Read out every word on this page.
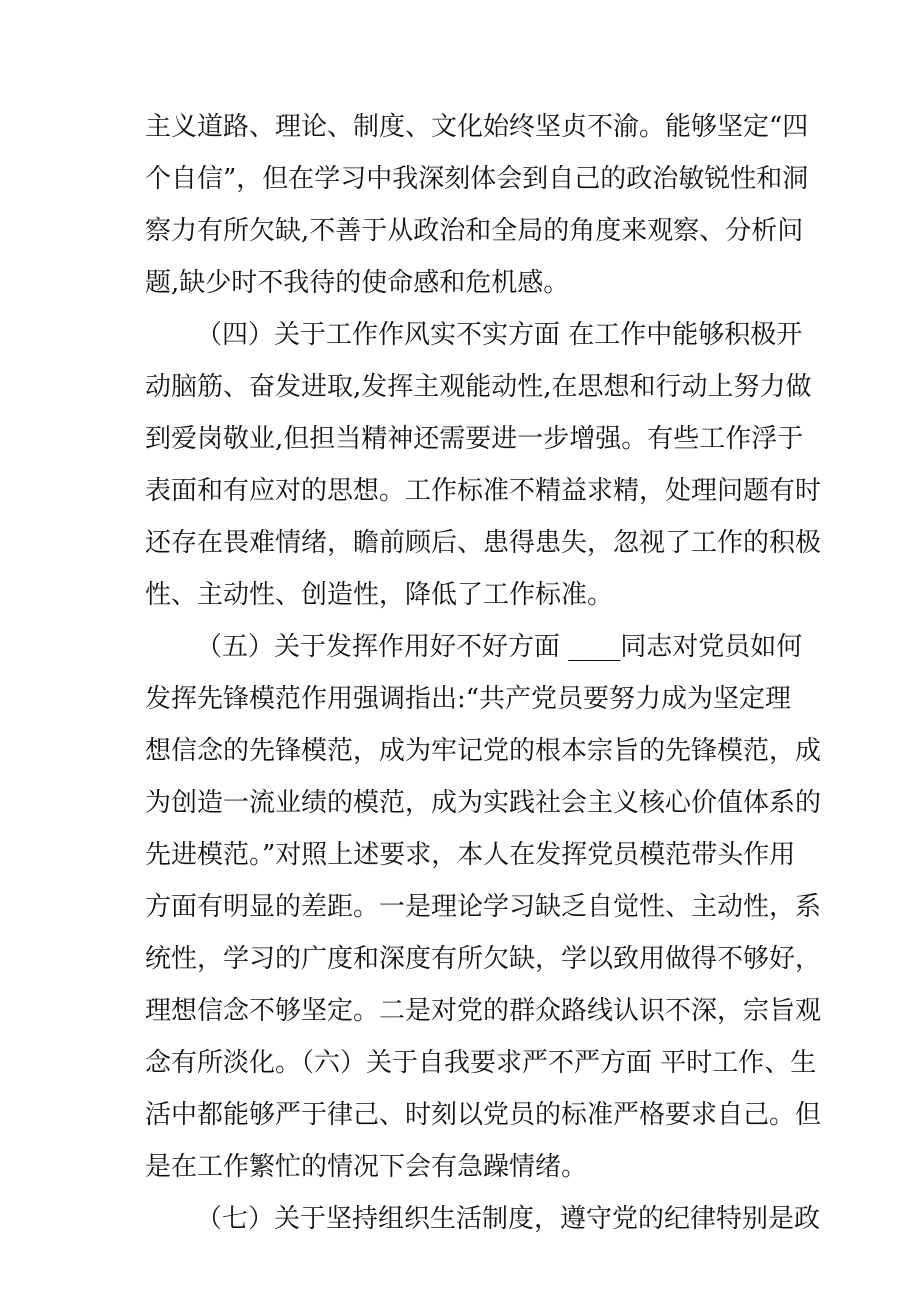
主义道路、理论、制度、文化始终坚贞不渝。能够坚定“四
个自信”，但在学习中我深刻体会到自己的政治敏锐性和洞
察力有所欠缺,不善于从政治和全局的角度来观察、分析问
题,缺少时不我待的使命感和危机感。
（四）关于工作作风实不实方面 在工作中能够积极开
动脑筋、奋发进取,发挥主观能动性,在思想和行动上努力做
到爱岗敬业,但担当精神还需要进一步增强。有些工作浮于
表面和有应对的思想。工作标准不精益求精，处理问题有时
还存在畏难情绪，瞻前顾后、患得患失，忽视了工作的积极
性、主动性、创造性，降低了工作标准。
（五）关于发挥作用好不好方面 ____同志对党员如何
发挥先锋模范作用强调指出:“共产党员要努力成为坚定理
想信念的先锋模范，成为牢记党的根本宗旨的先锋模范，成
为创造一流业绩的模范，成为实践社会主义核心价值体系的
先进模范。”对照上述要求，本人在发挥党员模范带头作用
方面有明显的差距。一是理论学习缺乏自觉性、主动性，系
统性，学习的广度和深度有所欠缺，学以致用做得不够好，
理想信念不够坚定。二是对党的群众路线认识不深，宗旨观
念有所淡化。（六）关于自我要求严不严方面 平时工作、生
活中都能够严于律己、时刻以党员的标准严格要求自己。但
是在工作繁忙的情况下会有急躁情绪。
（七）关于坚持组织生活制度，遵守党的纪律特别是政
